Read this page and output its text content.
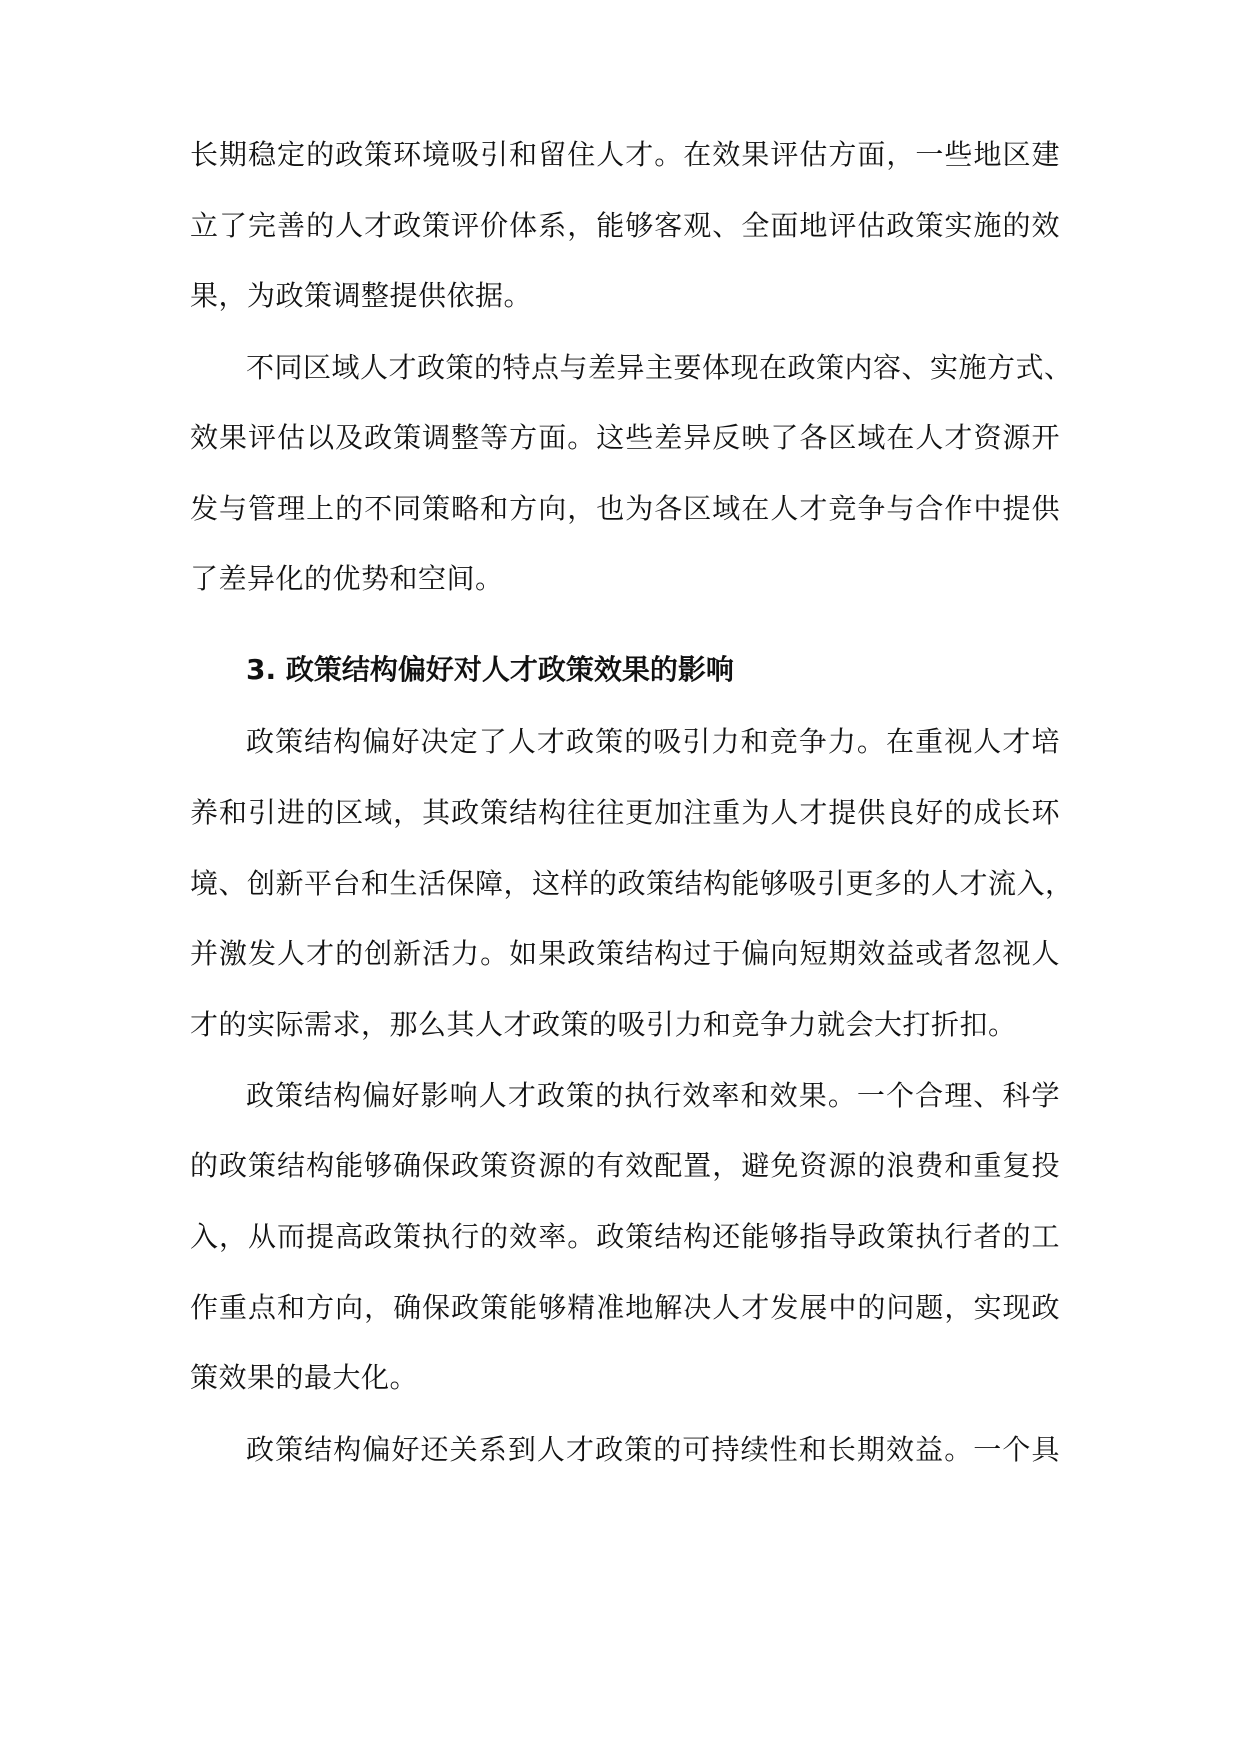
长期稳定的政策环境吸引和留住人才。在效果评估方面，一些地区建
立了完善的人才政策评价体系，能够客观、全面地评估政策实施的效
果，为政策调整提供依据。
不同区域人才政策的特点与差异主要体现在政策内容、实施方式、
效果评估以及政策调整等方面。这些差异反映了各区域在人才资源开
发与管理上的不同策略和方向，也为各区域在人才竞争与合作中提供
了差异化的优势和空间。
3. 政策结构偏好对人才政策效果的影响
政策结构偏好决定了人才政策的吸引力和竞争力。在重视人才培
养和引进的区域，其政策结构往往更加注重为人才提供良好的成长环
境、创新平台和生活保障，这样的政策结构能够吸引更多的人才流入，
并激发人才的创新活力。如果政策结构过于偏向短期效益或者忽视人
才的实际需求，那么其人才政策的吸引力和竞争力就会大打折扣。
政策结构偏好影响人才政策的执行效率和效果。一个合理、科学
的政策结构能够确保政策资源的有效配置，避免资源的浪费和重复投
入，从而提高政策执行的效率。政策结构还能够指导政策执行者的工
作重点和方向，确保政策能够精准地解决人才发展中的问题，实现政
策效果的最大化。
政策结构偏好还关系到人才政策的可持续性和长期效益。一个具
